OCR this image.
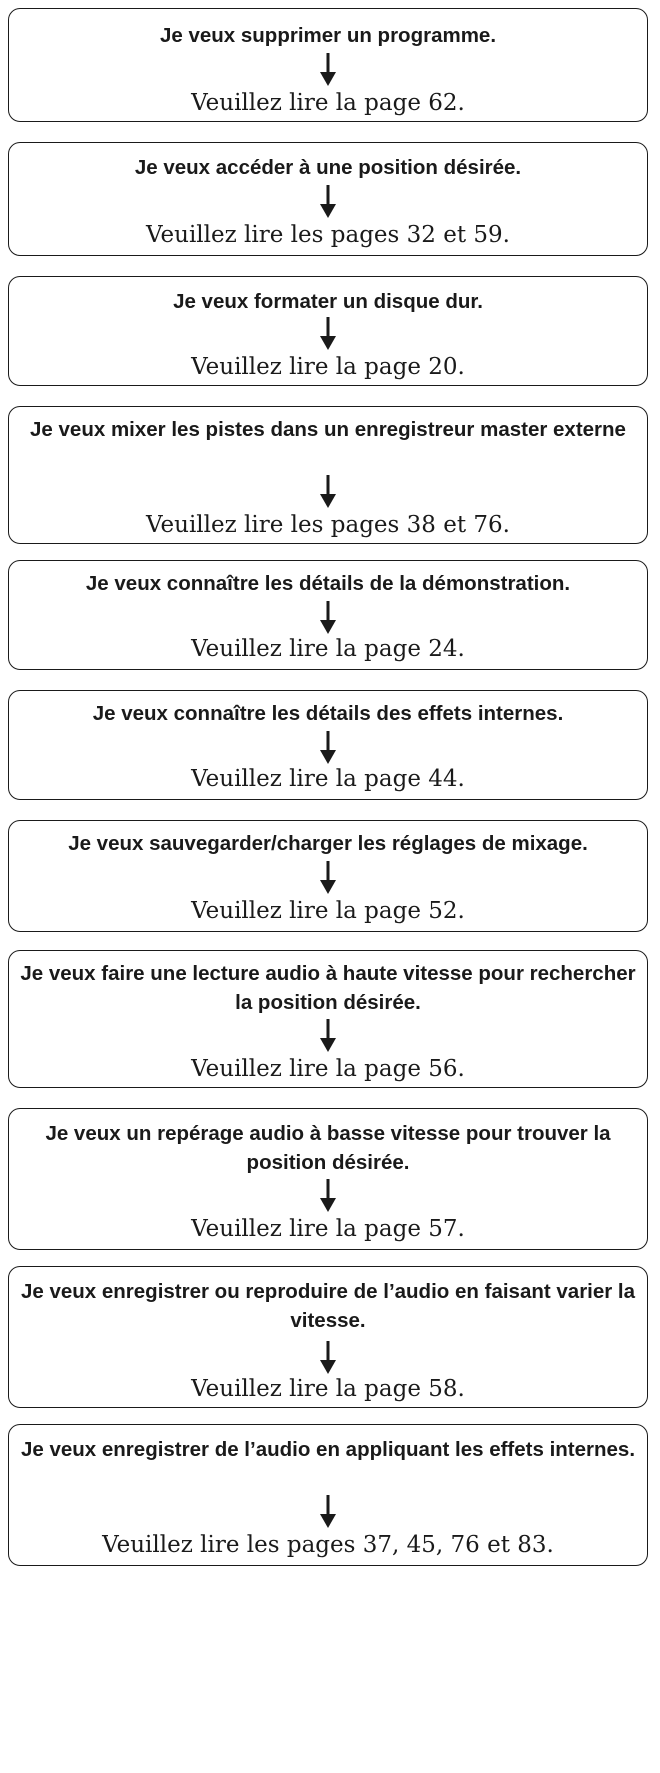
Je veux supprimer un programme.
Veuillez lire la page 62.
Je veux accéder à une position désirée.
Veuillez lire les pages 32 et 59.
Je veux formater un disque dur.
Veuillez lire la page 20.
Je veux mixer les pistes dans un enregistreur master externe
Veuillez lire les pages 38 et 76.
Je veux connaître les détails de la démonstration.
Veuillez lire la page 24.
Je veux connaître les détails des effets internes.
Veuillez lire la page 44.
Je veux sauvegarder/charger les réglages de mixage.
Veuillez lire la page 52.
Je veux faire une lecture audio à haute vitesse pour rechercher la position désirée.
Veuillez lire la page 56.
Je veux un repérage audio à basse vitesse pour trouver la position désirée.
Veuillez lire la page 57.
Je veux enregistrer ou reproduire de l’audio en faisant varier la vitesse.
Veuillez lire la page 58.
Je veux enregistrer de l’audio en appliquant les effets internes.
Veuillez lire les pages 37, 45, 76 et 83.
